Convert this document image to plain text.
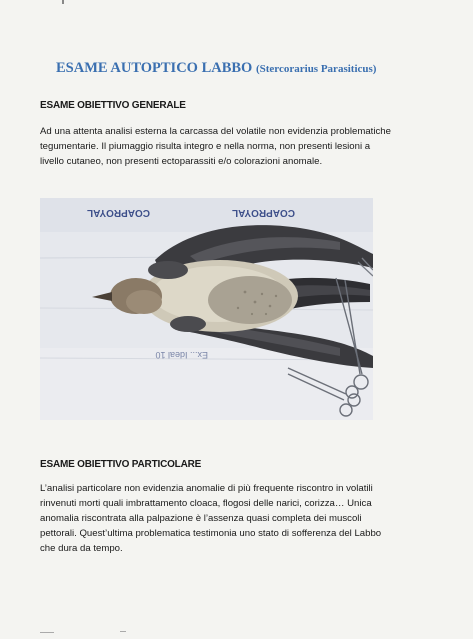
ESAME AUTOPTICO LABBO (Stercorarius Parasiticus)
ESAME OBIETTIVO GENERALE
Ad una attenta analisi esterna la carcassa del volatile non evidenzia problematiche
tegumentarie. Il piumaggio risulta integro e nella norma, non presenti lesioni a
livello cutaneo, non presenti ectoparassiti e/o colorazioni anomale.
COAPROYAL	COAPROYAL
Ex... Ideal 10
ESAME OBIETTIVO PARTICOLARE
L’analisi particolare non evidenzia anomalie di più frequente riscontro in volatili
rinvenuti morti quali imbrattamento cloaca, flogosi delle narici, corizza… Unica
anomalia riscontrata alla palpazione è l’assenza quasi completa dei muscoli
pettorali. Quest’ultima problematica testimonia uno stato di sofferenza del Labbo
che dura da tempo.
